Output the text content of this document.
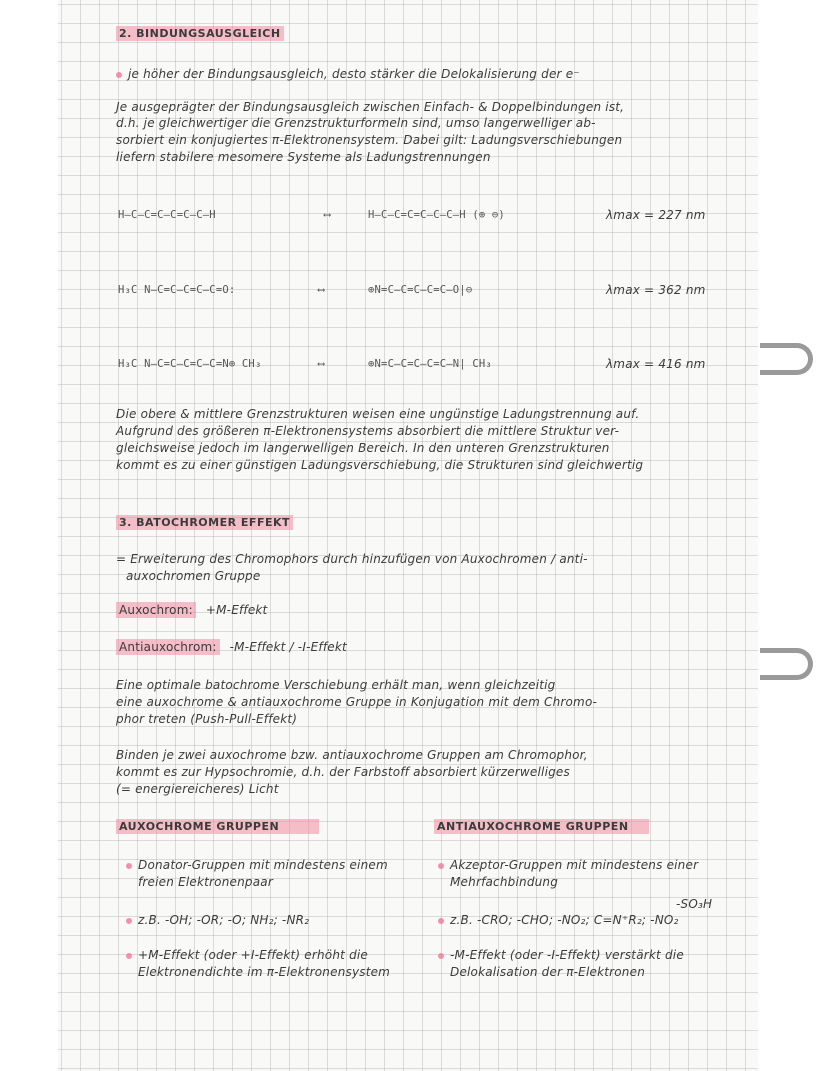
2. BINDUNGSAUSGLEICH
je höher der Bindungsausgleich, desto stärker die Delokalisierung der e⁻
Je ausgeprägter der Bindungsausgleich zwischen Einfach- & Doppelbindungen ist,
d.h. je gleichwertiger die Grenzstrukturformeln sind, umso langerwelliger ab-
sorbiert ein konjugiertes π-Elektronensystem. Dabei gilt: Ladungsverschiebungen
liefern stabilere mesomere Systeme als Ladungstrennungen
H–C–C=C–C=C–C–H	⟷	H–C–C=C=C–C–C–H (⊕ ⊖)	λmax = 227 nm
H₃C N–C=C–C=C–C=O:	⟷	⊕N=C–C=C–C=C–O|⊖	λmax = 362 nm
H₃C N–C=C–C=C–C=N⊕ CH₃	⟷	⊕N=C–C=C–C=C–N| CH₃	λmax = 416 nm
Die obere & mittlere Grenzstrukturen weisen eine ungünstige Ladungstrennung auf.
Aufgrund des größeren π-Elektronensystems absorbiert die mittlere Struktur ver-
gleichsweise jedoch im langerwelligen Bereich. In den unteren Grenzstrukturen
kommt es zu einer günstigen Ladungsverschiebung, die Strukturen sind gleichwertig
3. BATOCHROMER EFFEKT
= Erweiterung des Chromophors durch hinzufügen von Auxochromen / anti-
auxochromen Gruppe
Auxochrom: +M-Effekt
Antiauxochrom: -M-Effekt / -I-Effekt
Eine optimale batochrome Verschiebung erhält man, wenn gleichzeitig
eine auxochrome & antiauxochrome Gruppe in Konjugation mit dem Chromo-
phor treten (Push-Pull-Effekt)
Binden je zwei auxochrome bzw. antiauxochrome Gruppen am Chromophor,
kommt es zur Hypsochromie, d.h. der Farbstoff absorbiert kürzerwelliges
(= energiereicheres) Licht
AUXOCHROME GRUPPEN
Donator-Gruppen mit mindestens einem
freien Elektronenpaar
z.B. -OH; -OR; -O; NH₂; -NR₂
+M-Effekt (oder +I-Effekt) erhöht die
Elektronendichte im π-Elektronensystem
ANTIAUXOCHROME GRUPPEN
Akzeptor-Gruppen mit mindestens einer
Mehrfachbindung
-SO₃H
z.B. -CRO; -CHO; -NO₂; C=N⁺R₂; -NO₂
-M-Effekt (oder -I-Effekt) verstärkt die
Delokalisation der π-Elektronen
